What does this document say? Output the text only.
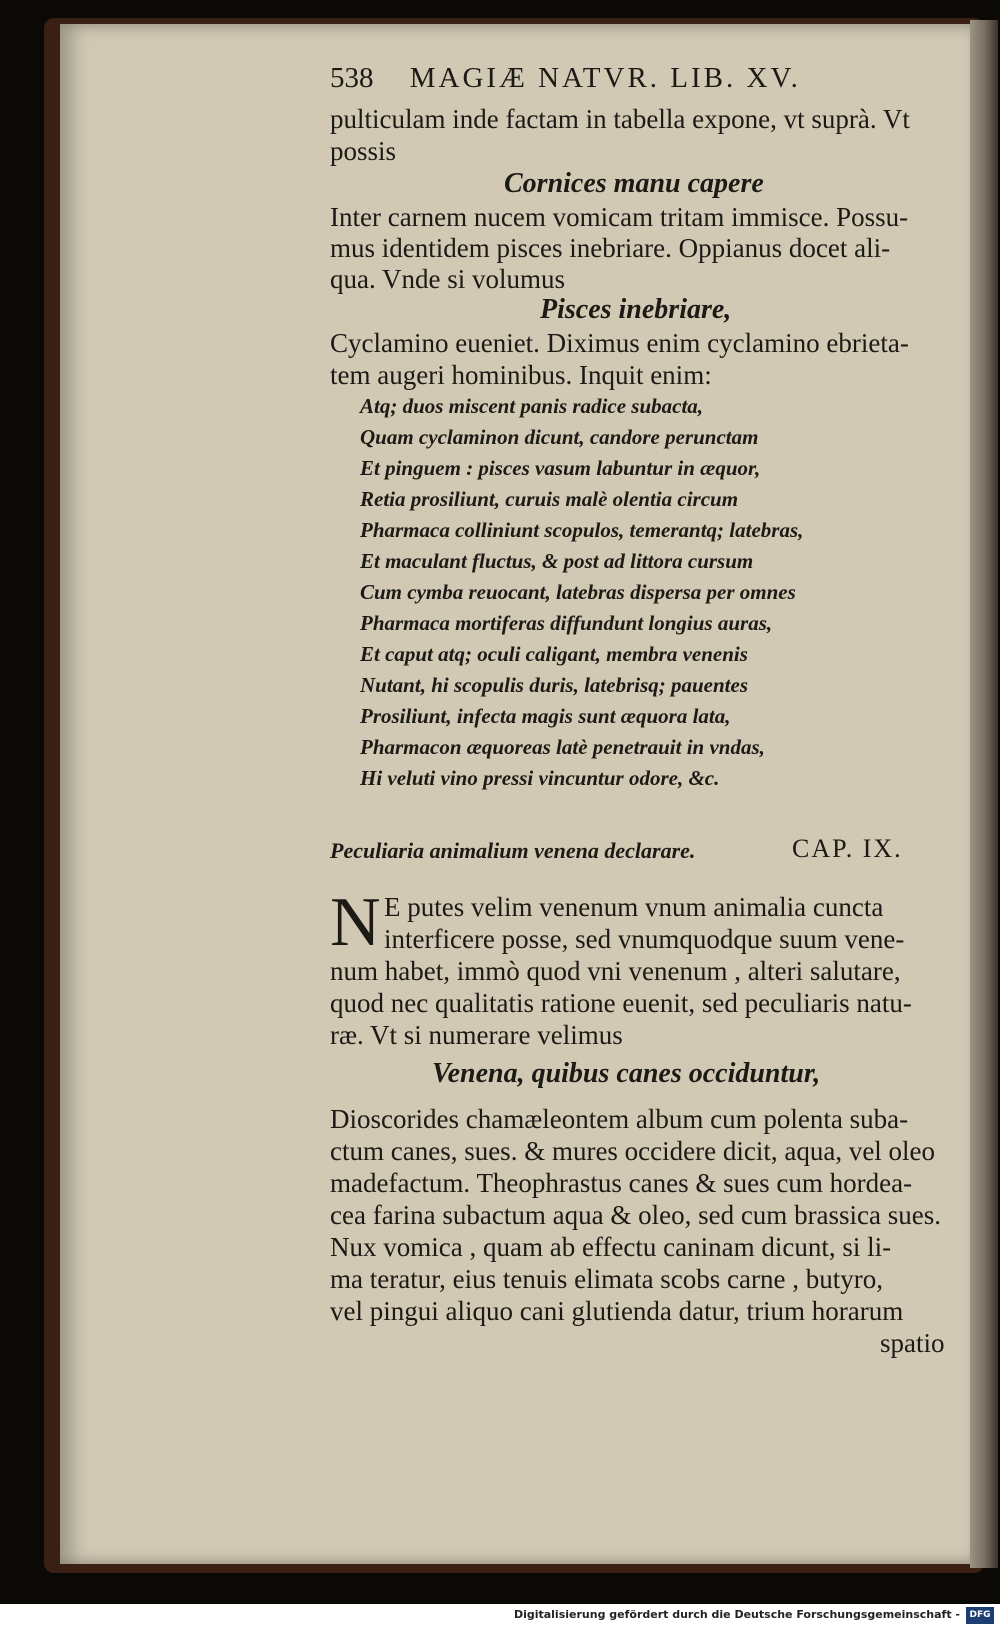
538 MAGIÆ NATVR. LIB. XV.
pulticulam inde factam in tabella expone, vt suprà. Vt
possis
Cornices manu capere
Inter carnem nucem vomicam tritam immisce. Possu-
mus identidem pisces inebriare. Oppianus docet ali-
qua. Vnde si volumus
Pisces inebriare,
Cyclamino eueniet. Diximus enim cyclamino ebrieta-
tem augeri hominibus. Inquit enim:
Atq; duos miscent panis radice subacta,
Quam cyclaminon dicunt, candore perunctam
Et pinguem : pisces vasum labuntur in æquor,
Retia prosiliunt, curuis malè olentia circum
Pharmaca colliniunt scopulos, temerantq; latebras,
Et maculant fluctus, & post ad littora cursum
Cum cymba reuocant, latebras dispersa per omnes
Pharmaca mortiferas diffundunt longius auras,
Et caput atq; oculi caligant, membra venenis
Nutant, hi scopulis duris, latebrisq; pauentes
Prosiliunt, infecta magis sunt æquora lata,
Pharmacon æquoreas latè penetrauit in vndas,
Hi veluti vino pressi vincuntur odore, &c.
Peculiaria animalium venena declarare.	CAP. IX.
N E putes velim venenum vnum animalia cuncta
interficere posse, sed vnumquodque suum vene-
num habet, immò quod vni venenum , alteri salutare,
quod nec qualitatis ratione euenit, sed peculiaris natu-
ræ. Vt si numerare velimus
Venena, quibus canes occiduntur,
Dioscorides chamæleontem album cum polenta suba-
ctum canes, sues. & mures occidere dicit, aqua, vel oleo
madefactum. Theophrastus canes & sues cum hordea-
cea farina subactum aqua & oleo, sed cum brassica sues.
Nux vomica , quam ab effectu caninam dicunt, si li-
ma teratur, eius tenuis elimata scobs carne , butyro,
vel pingui aliquo cani glutienda datur, trium horarum
spatio
Digitalisierung gefördert durch die Deutsche Forschungsgemeinschaft -	DFG
